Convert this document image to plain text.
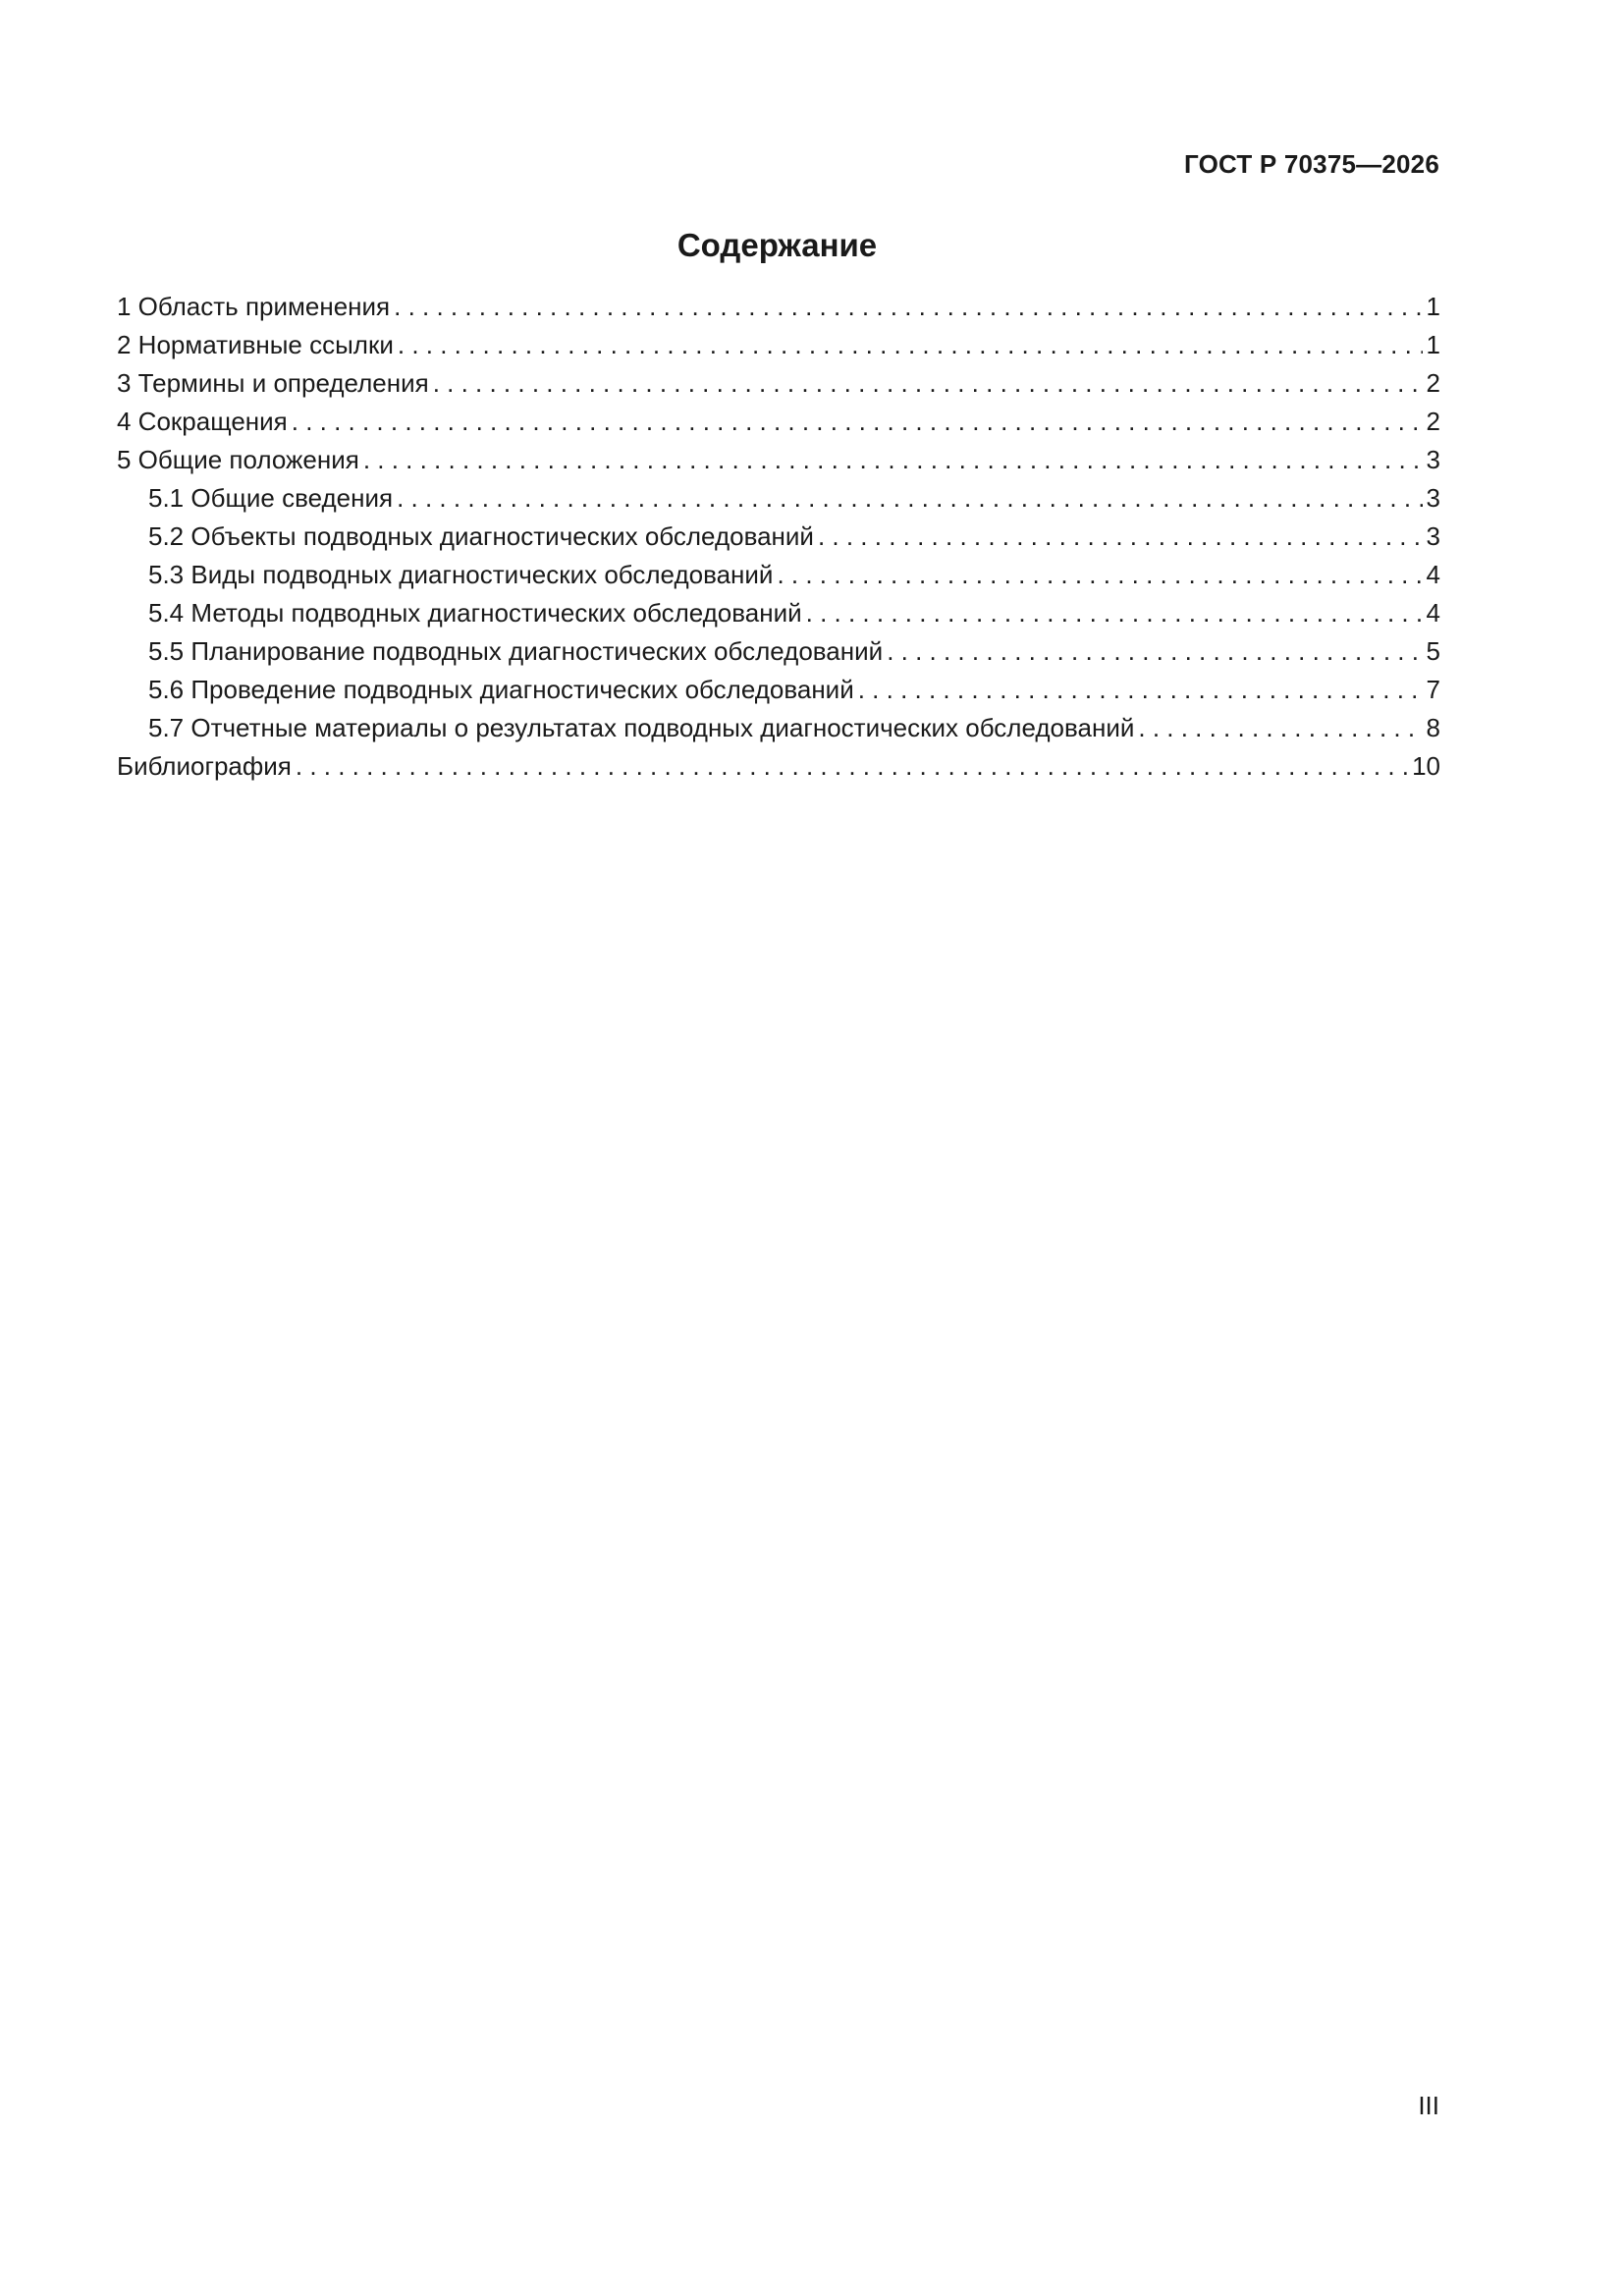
ГОСТ Р 70375—2026
Содержание
1 Область применения . . .	1
2 Нормативные ссылки . . .	1
3 Термины и определения . . .	2
4 Сокращения . . .	2
5 Общие положения . . .	3
5.1 Общие сведения . . .	3
5.2 Объекты подводных диагностических обследований . . .	3
5.3 Виды подводных диагностических обследований . . .	4
5.4 Методы подводных диагностических обследований . . .	4
5.5 Планирование подводных диагностических обследований . . .	5
5.6 Проведение подводных диагностических обследований . . .	7
5.7 Отчетные материалы о результатах подводных диагностических обследований . . .	8
Библиография . . .	10
III
